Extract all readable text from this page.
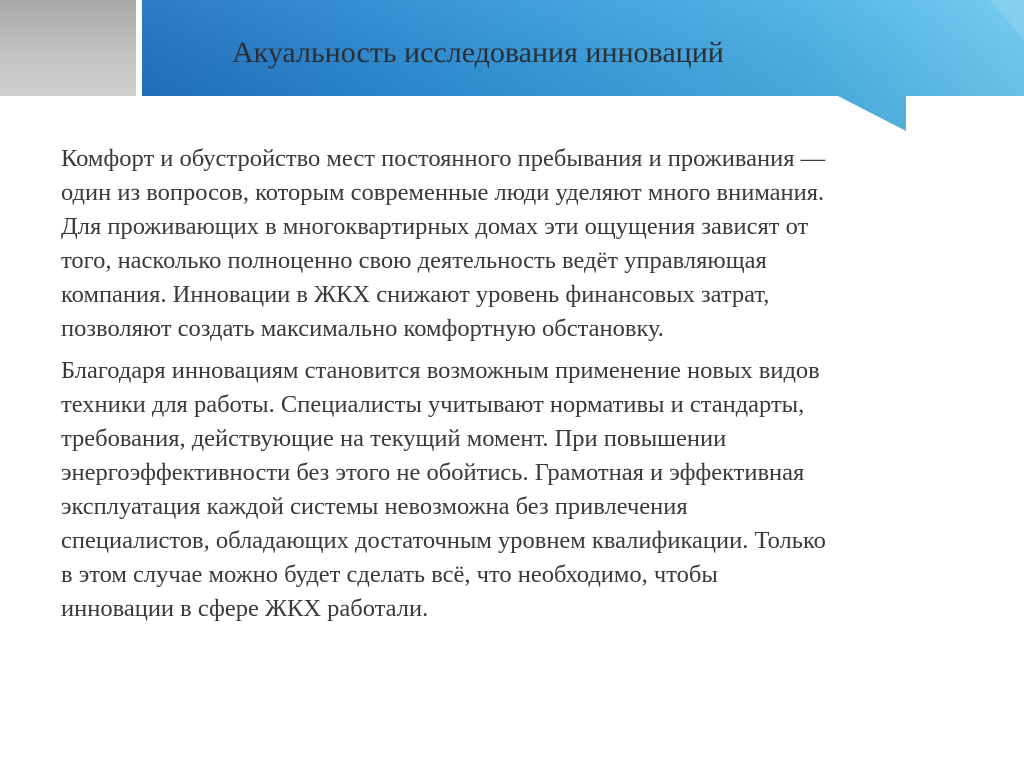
Акуальность исследования инноваций

Комфорт и обустройство мест постоянного пребывания и проживания —
один из вопросов, которым современные люди уделяют много внимания.
Для проживающих в многоквартирных домах эти ощущения зависят от
того, насколько полноценно свою деятельность ведёт управляющая
компания. Инновации в ЖКХ снижают уровень финансовых затрат,
позволяют создать максимально комфортную обстановку.

Благодаря инновациям становится возможным применение новых видов
техники для работы. Специалисты учитывают нормативы и стандарты,
требования, действующие на текущий момент. При повышении
энергоэффективности без этого не обойтись. Грамотная и эффективная
эксплуатация каждой системы невозможна без привлечения
специалистов, обладающих достаточным уровнем квалификации. Только
в этом случае можно будет сделать всё, что необходимо, чтобы
инновации в сфере ЖКХ работали.
